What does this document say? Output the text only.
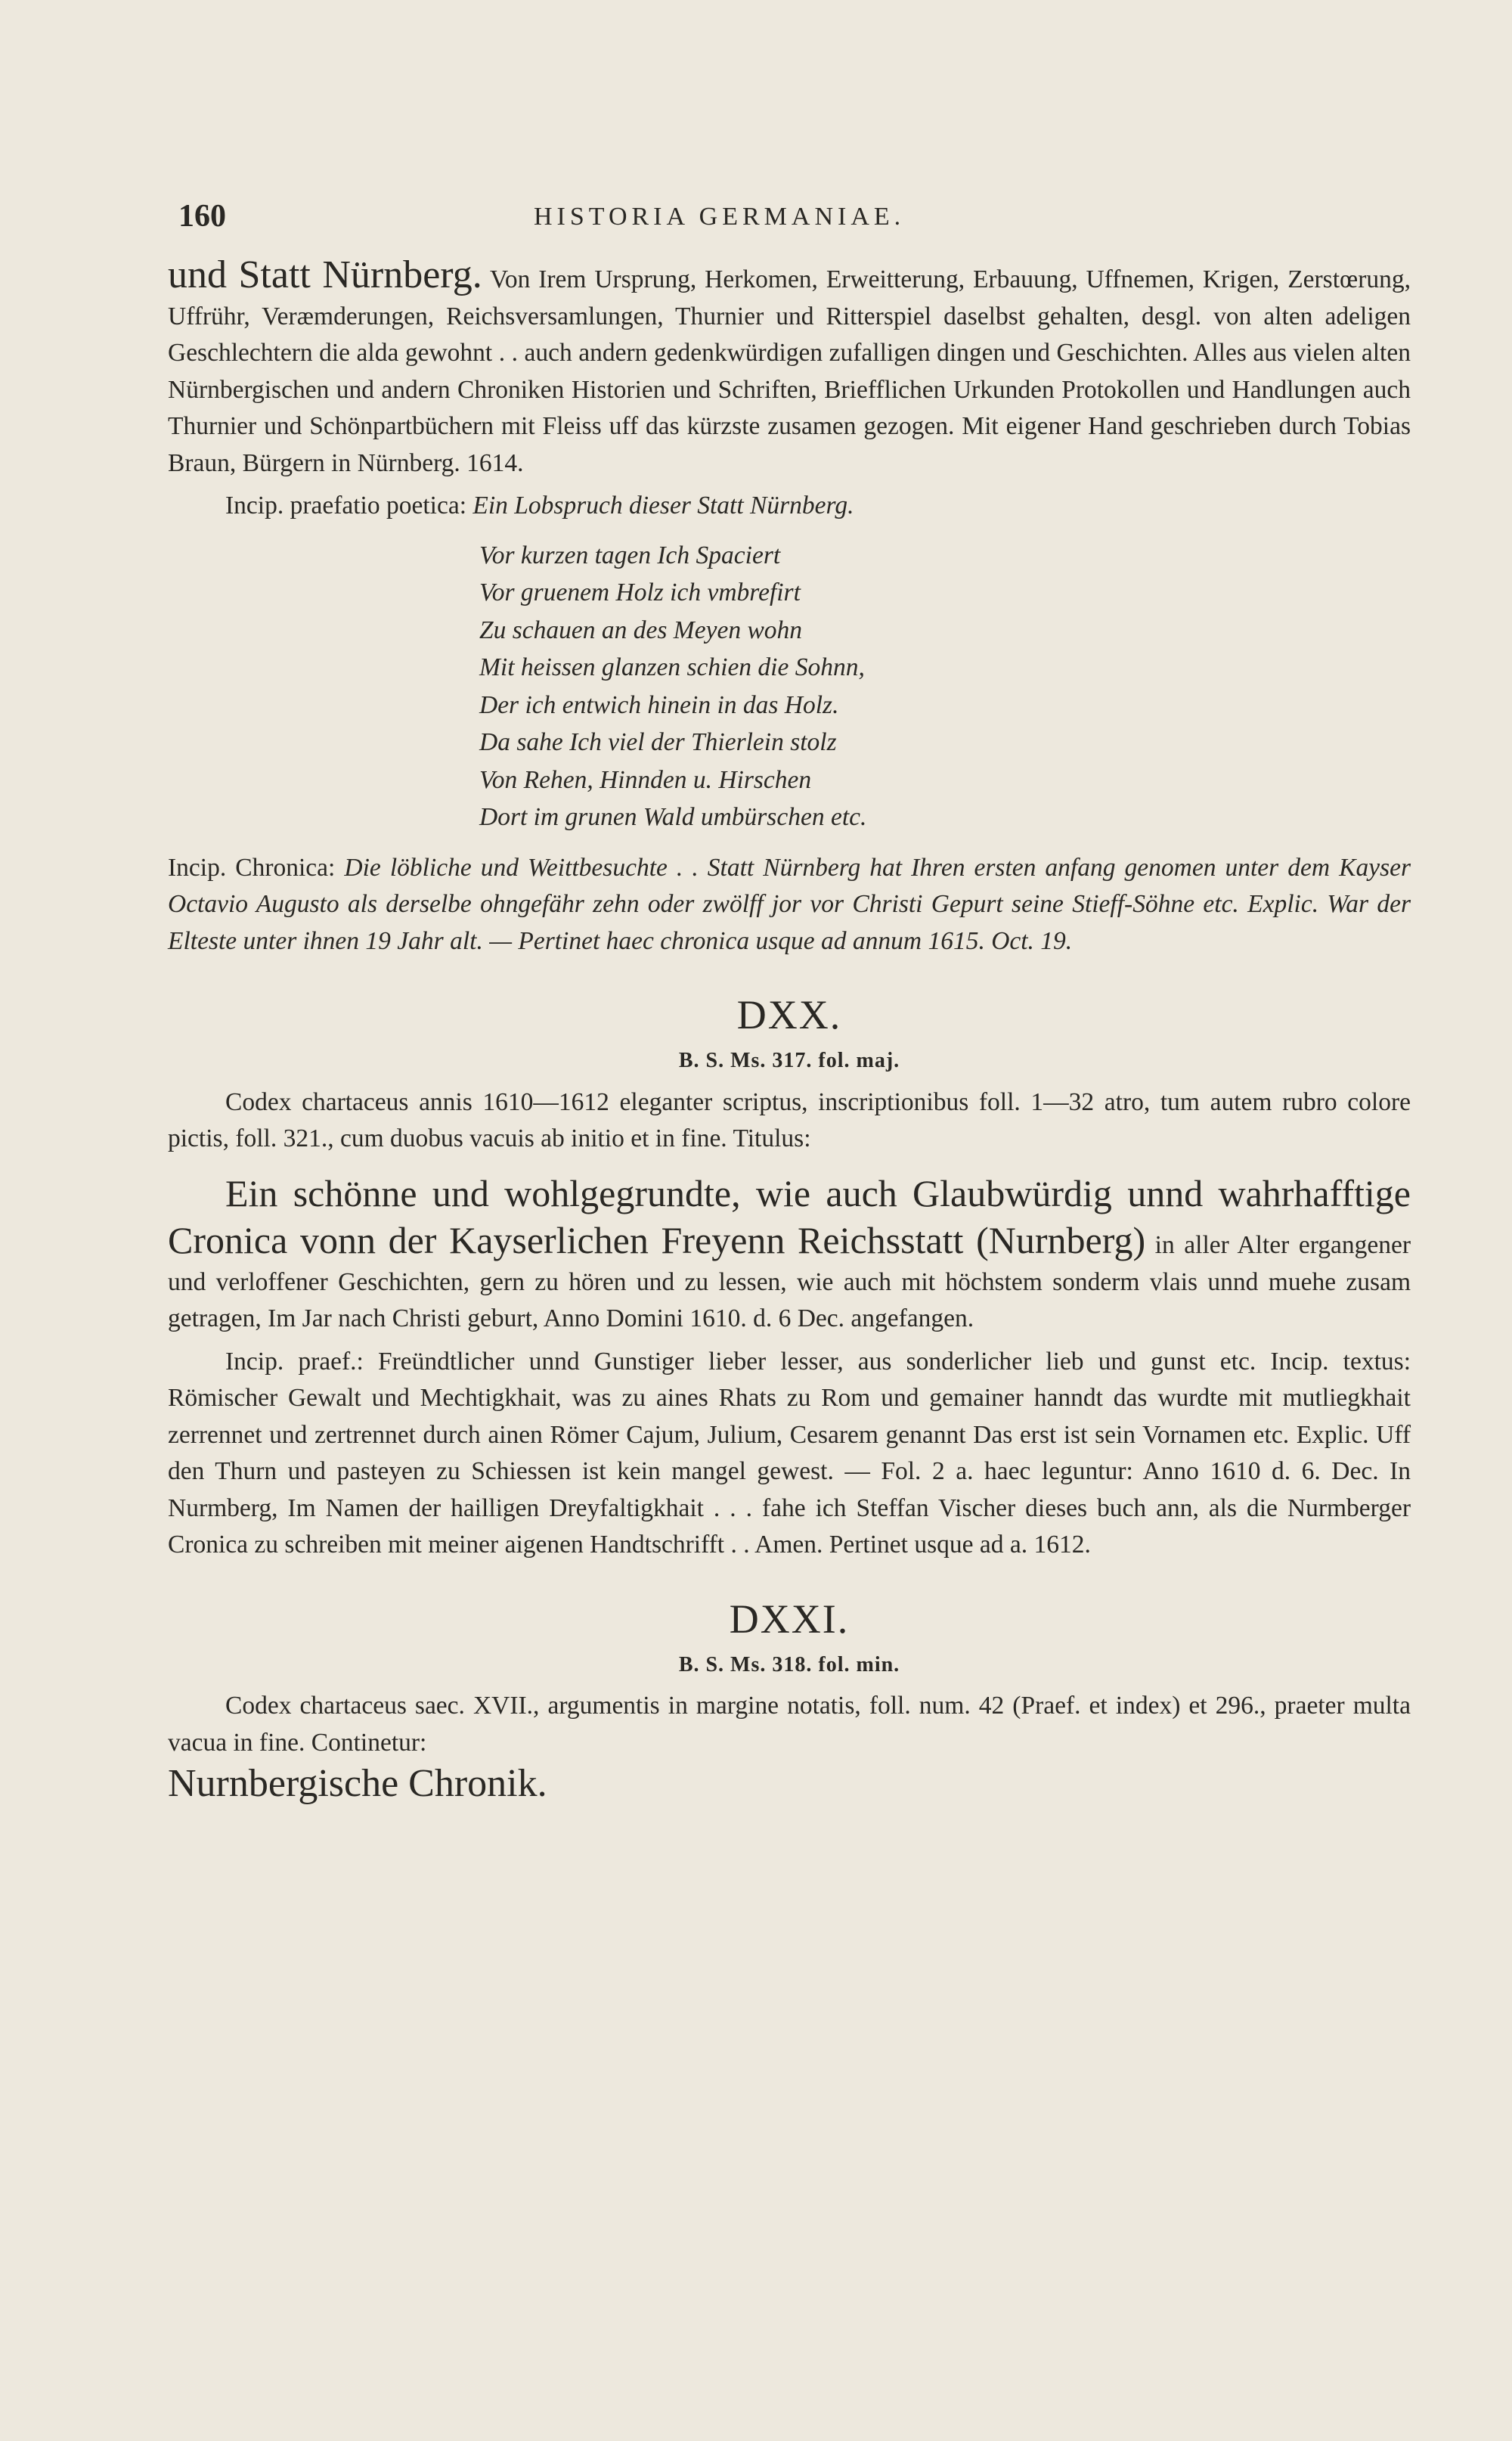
160	HISTORIA GERMANIAE.

und Statt Nürnberg. Von Irem Ursprung, Herkomen, Erweitterung, Erbauung, Uffnemen, Krigen, Zerstœrung, Uffrühr, Veræmderungen, Reichsversamlungen, Thurnier und Ritterspiel daselbst gehalten, desgl. von alten adeligen Geschlechtern die alda gewohnt . . auch andern gedenkwürdigen zufalligen dingen und Geschichten. Alles aus vielen alten Nürnbergischen und andern Chroniken Historien und Schriften, Briefflichen Urkunden Protokollen und Handlungen auch Thurnier und Schönpartbüchern mit Fleiss uff das kürzste zusamen gezogen. Mit eigener Hand geschrieben durch Tobias Braun, Bürgern in Nürnberg. 1614.

Incip. praefatio poetica: Ein Lobspruch dieser Statt Nürnberg.

Vor kurzen tagen Ich Spaciert
Vor gruenem Holz ich vmbrefirt
Zu schauen an des Meyen wohn
Mit heissen glanzen schien die Sohnn,
Der ich entwich hinein in das Holz.
Da sahe Ich viel der Thierlein stolz
Von Rehen, Hinnden u. Hirschen
Dort im grunen Wald umbürschen etc.

Incip. Chronica: Die löbliche und Weittbesuchte . . Statt Nürnberg hat Ihren ersten anfang genomen unter dem Kayser Octavio Augusto als derselbe ohngefähr zehn oder zwölff jor vor Christi Gepurt seine Stieff-Söhne etc. Explic. War der Elteste unter ihnen 19 Jahr alt. — Pertinet haec chronica usque ad annum 1615. Oct. 19.

DXX.
B. S. Ms. 317. fol. maj.

Codex chartaceus annis 1610—1612 eleganter scriptus, inscriptionibus foll. 1—32 atro, tum autem rubro colore pictis, foll. 321., cum duobus vacuis ab initio et in fine. Titulus:

Ein schönne und wohlgegrundte, wie auch Glaubwürdig unnd wahrhafftige Cronica vonn der Kayserlichen Freyenn Reichsstatt (Nurnberg) in aller Alter ergangener und verloffener Geschichten, gern zu hören und zu lessen, wie auch mit höchstem sonderm vlais unnd muehe zusam getragen, Im Jar nach Christi geburt, Anno Domini 1610. d. 6 Dec. angefangen.

Incip. praef.: Freündtlicher unnd Gunstiger lieber lesser, aus sonderlicher lieb und gunst etc. Incip. textus: Römischer Gewalt und Mechtigkhait, was zu aines Rhats zu Rom und gemainer hanndt das wurdte mit mutliegkhait zerrennet und zertrennet durch ainen Römer Cajum, Julium, Cesarem genannt Das erst ist sein Vornamen etc. Explic. Uff den Thurn und pasteyen zu Schiessen ist kein mangel gewest. — Fol. 2 a. haec leguntur: Anno 1610 d. 6. Dec. In Nurmberg, Im Namen der hailligen Dreyfaltigkhait . . . fahe ich Steffan Vischer dieses buch ann, als die Nurmberger Cronica zu schreiben mit meiner aigenen Handtschrifft . . Amen. Pertinet usque ad a. 1612.

DXXI.
B. S. Ms. 318. fol. min.

Codex chartaceus saec. XVII., argumentis in margine notatis, foll. num. 42 (Praef. et index) et 296., praeter multa vacua in fine. Continetur:

Nurnbergische Chronik.
